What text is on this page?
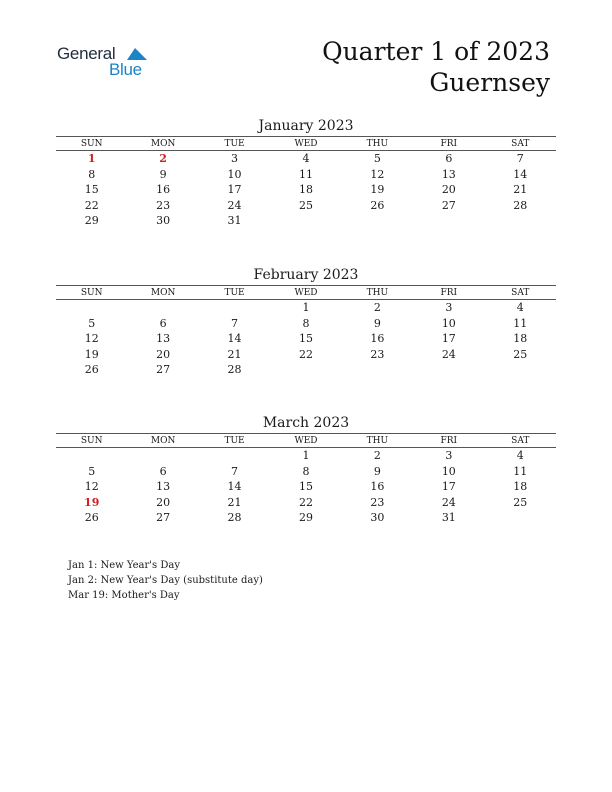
General
Blue
Quarter 1 of 2023
Guernsey
January 2023
SUN	MON	TUE	WED	THU	FRI	SAT
1	2	3	4	5	6	7
8	9	10	11	12	13	14
15	16	17	18	19	20	21
22	23	24	25	26	27	28
29	30	31				
February 2023
SUN	MON	TUE	WED	THU	FRI	SAT
			1	2	3	4
5	6	7	8	9	10	11
12	13	14	15	16	17	18
19	20	21	22	23	24	25
26	27	28				
March 2023
SUN	MON	TUE	WED	THU	FRI	SAT
			1	2	3	4
5	6	7	8	9	10	11
12	13	14	15	16	17	18
19	20	21	22	23	24	25
26	27	28	29	30	31	
Jan 1: New Year's Day
Jan 2: New Year's Day (substitute day)
Mar 19: Mother's Day
